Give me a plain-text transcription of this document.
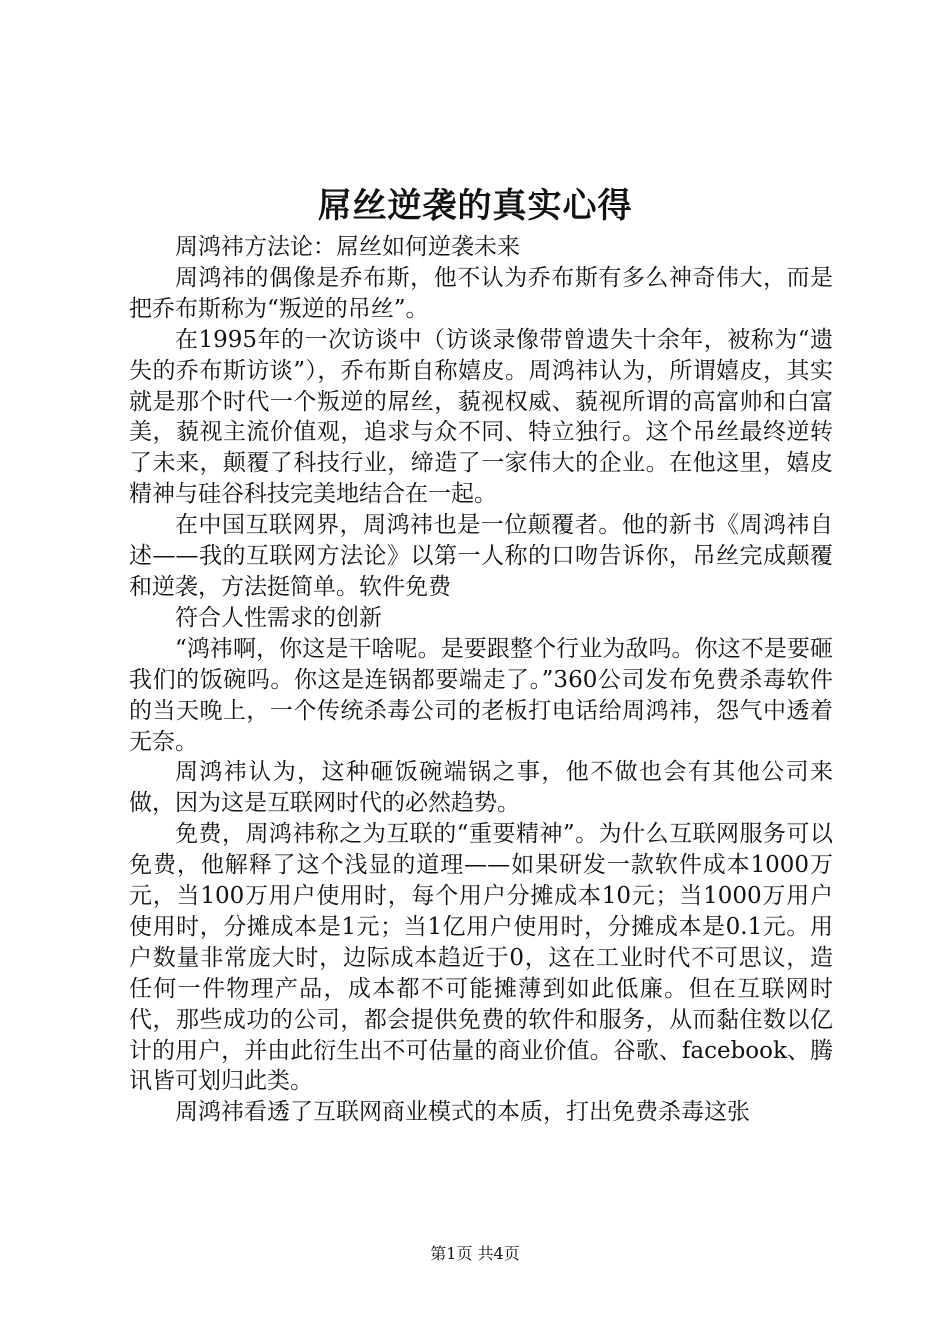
屌丝逆袭的真实心得

周鸿祎方法论：屌丝如何逆袭未来

周鸿祎的偶像是乔布斯，他不认为乔布斯有多么神奇伟大，而是把乔布斯称为“叛逆的吊丝”。

在1995年的一次访谈中（访谈录像带曾遗失十余年，被称为“遗失的乔布斯访谈”），乔布斯自称嬉皮。周鸿祎认为，所谓嬉皮，其实就是那个时代一个叛逆的屌丝，藐视权威、藐视所谓的高富帅和白富美，藐视主流价值观，追求与众不同、特立独行。这个吊丝最终逆转了未来，颠覆了科技行业，缔造了一家伟大的企业。在他这里，嬉皮精神与硅谷科技完美地结合在一起。

在中国互联网界，周鸿祎也是一位颠覆者。他的新书《周鸿祎自述——我的互联网方法论》以第一人称的口吻告诉你，吊丝完成颠覆和逆袭，方法挺简单。软件免费

符合人性需求的创新

“鸿祎啊，你这是干啥呢。是要跟整个行业为敌吗。你这不是要砸我们的饭碗吗。你这是连锅都要端走了。”360公司发布免费杀毒软件的当天晚上，一个传统杀毒公司的老板打电话给周鸿祎，怨气中透着无奈。

周鸿祎认为，这种砸饭碗端锅之事，他不做也会有其他公司来做，因为这是互联网时代的必然趋势。

免费，周鸿祎称之为互联的“重要精神”。为什么互联网服务可以免费，他解释了这个浅显的道理——如果研发一款软件成本1000万元，当100万用户使用时，每个用户分摊成本10元；当1000万用户使用时，分摊成本是1元；当1亿用户使用时，分摊成本是0.1元。用户数量非常庞大时，边际成本趋近于0，这在工业时代不可思议，造任何一件物理产品，成本都不可能摊薄到如此低廉。但在互联网时代，那些成功的公司，都会提供免费的软件和服务，从而黏住数以亿计的用户，并由此衍生出不可估量的商业价值。谷歌、facebook、腾讯皆可划归此类。

周鸿祎看透了互联网商业模式的本质，打出免费杀毒这张

第1页 共4页
